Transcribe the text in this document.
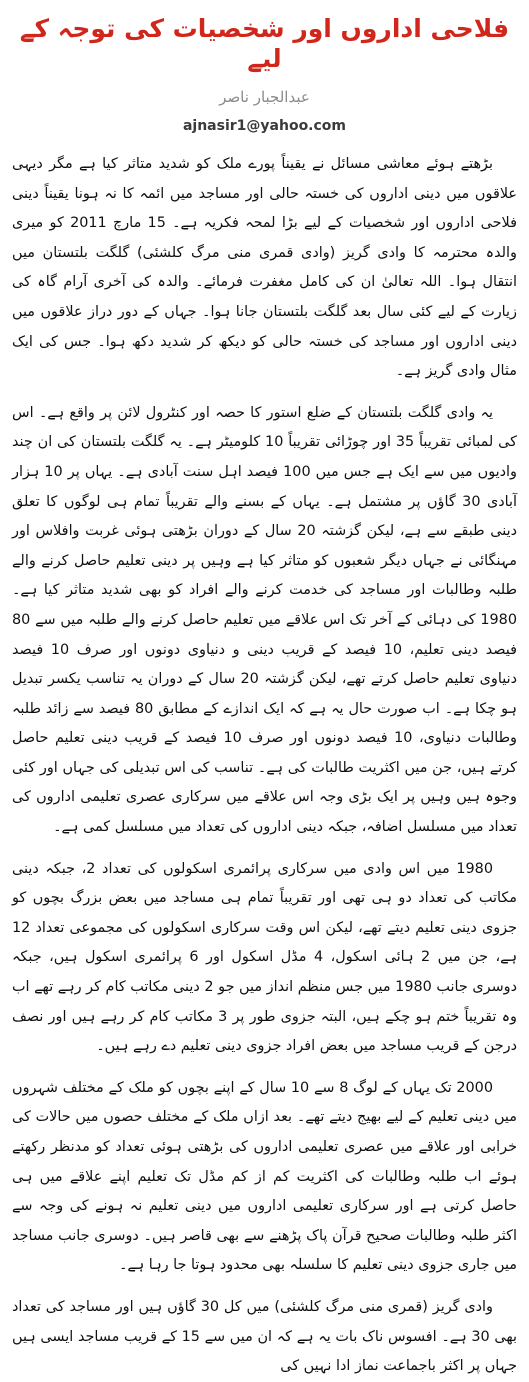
فلاحی اداروں اور شخصیات کی توجہ کے لیے
عبدالجبار ناصر
ajnasir1@yahoo.com

بڑھتے ہوئے معاشی مسائل نے یقیناً پورے ملک کو شدید متاثر کیا ہے مگر دیہی علاقوں میں دینی اداروں کی خستہ حالی اور مساجد میں ائمہ کا نہ ہونا یقیناً دینی فلاحی اداروں اور شخصیات کے لیے بڑا لمحہ فکریہ ہے۔ 15 مارچ 2011 کو میری والدہ محترمہ کا وادی گریز (وادی قمری منی مرگ کلشئی) گلگت بلتستان میں انتقال ہوا۔ اللہ تعالیٰ ان کی کامل مغفرت فرمائے۔ والدہ کی آخری آرام گاہ کی زیارت کے لیے کئی سال بعد گلگت بلتستان جانا ہوا۔ جہاں کے دور دراز علاقوں میں دینی اداروں اور مساجد کی خستہ حالی کو دیکھ کر شدید دکھ ہوا۔ جس کی ایک مثال وادی گریز ہے۔

یہ وادی گلگت بلتستان کے ضلع استور کا حصہ اور کنٹرول لائن پر واقع ہے۔ اس کی لمبائی تقریباً 35 اور چوڑائی تقریباً 10 کلومیٹر ہے۔ یہ گلگت بلتستان کی ان چند وادیوں میں سے ایک ہے جس میں 100 فیصد اہل سنت آبادی ہے۔ یہاں پر 10 ہزار آبادی 30 گاؤں پر مشتمل ہے۔ یہاں کے بسنے والے تقریباً تمام ہی لوگوں کا تعلق دینی طبقے سے ہے، لیکن گزشتہ 20 سال کے دوران بڑھتی ہوئی غربت وافلاس اور مہنگائی نے جہاں دیگر شعبوں کو متاثر کیا ہے وہیں پر دینی تعلیم حاصل کرنے والے طلبہ وطالبات اور مساجد کی خدمت کرنے والے افراد کو بھی شدید متاثر کیا ہے۔ 1980 کی دہائی کے آخر تک اس علاقے میں تعلیم حاصل کرنے والے طلبہ میں سے 80 فیصد دینی تعلیم، 10 فیصد کے قریب دینی و دنیاوی دونوں اور صرف 10 فیصد دنیاوی تعلیم حاصل کرتے تھے، لیکن گزشتہ 20 سال کے دوران یہ تناسب یکسر تبدیل ہو چکا ہے۔ اب صورت حال یہ ہے کہ ایک اندازے کے مطابق 80 فیصد سے زائد طلبہ وطالبات دنیاوی، 10 فیصد دونوں اور صرف 10 فیصد کے قریب دینی تعلیم حاصل کرتے ہیں، جن میں اکثریت طالبات کی ہے۔ تناسب کی اس تبدیلی کی جہاں اور کئی وجوہ ہیں وہیں پر ایک بڑی وجہ اس علاقے میں سرکاری عصری تعلیمی اداروں کی تعداد میں مسلسل اضافہ، جبکہ دینی اداروں کی تعداد میں مسلسل کمی ہے۔

1980 میں اس وادی میں سرکاری پرائمری اسکولوں کی تعداد 2، جبکہ دینی مکاتب کی تعداد دو ہی تھی اور تقریباً تمام ہی مساجد میں بعض بزرگ بچوں کو جزوی دینی تعلیم دیتے تھے، لیکن اس وقت سرکاری اسکولوں کی مجموعی تعداد 12 ہے، جن میں 2 ہائی اسکول، 4 مڈل اسکول اور 6 پرائمری اسکول ہیں، جبکہ دوسری جانب 1980 میں جس منظم انداز میں جو 2 دینی مکاتب کام کر رہے تھے اب وہ تقریباً ختم ہو چکے ہیں، البتہ جزوی طور پر 3 مکاتب کام کر رہے ہیں اور نصف درجن کے قریب مساجد میں بعض افراد جزوی دینی تعلیم دے رہے ہیں۔

2000 تک یہاں کے لوگ 8 سے 10 سال کے اپنے بچوں کو ملک کے مختلف شہروں میں دینی تعلیم کے لیے بھیج دیتے تھے۔ بعد ازاں ملک کے مختلف حصوں میں حالات کی خرابی اور علاقے میں عصری تعلیمی اداروں کی بڑھتی ہوئی تعداد کو مدنظر رکھتے ہوئے اب طلبہ وطالبات کی اکثریت کم از کم مڈل تک تعلیم اپنے علاقے میں ہی حاصل کرتی ہے اور سرکاری تعلیمی اداروں میں دینی تعلیم نہ ہونے کی وجہ سے اکثر طلبہ وطالبات صحیح قرآن پاک پڑھنے سے بھی قاصر ہیں۔ دوسری جانب مساجد میں جاری جزوی دینی تعلیم کا سلسلہ بھی محدود ہوتا جا رہا ہے۔

وادی گریز (قمری منی مرگ کلشئی) میں کل 30 گاؤں ہیں اور مساجد کی تعداد بھی 30 ہے۔ افسوس ناک بات یہ ہے کہ ان میں سے 15 کے قریب مساجد ایسی ہیں جہاں پر اکثر باجماعت نماز ادا نہیں کی
